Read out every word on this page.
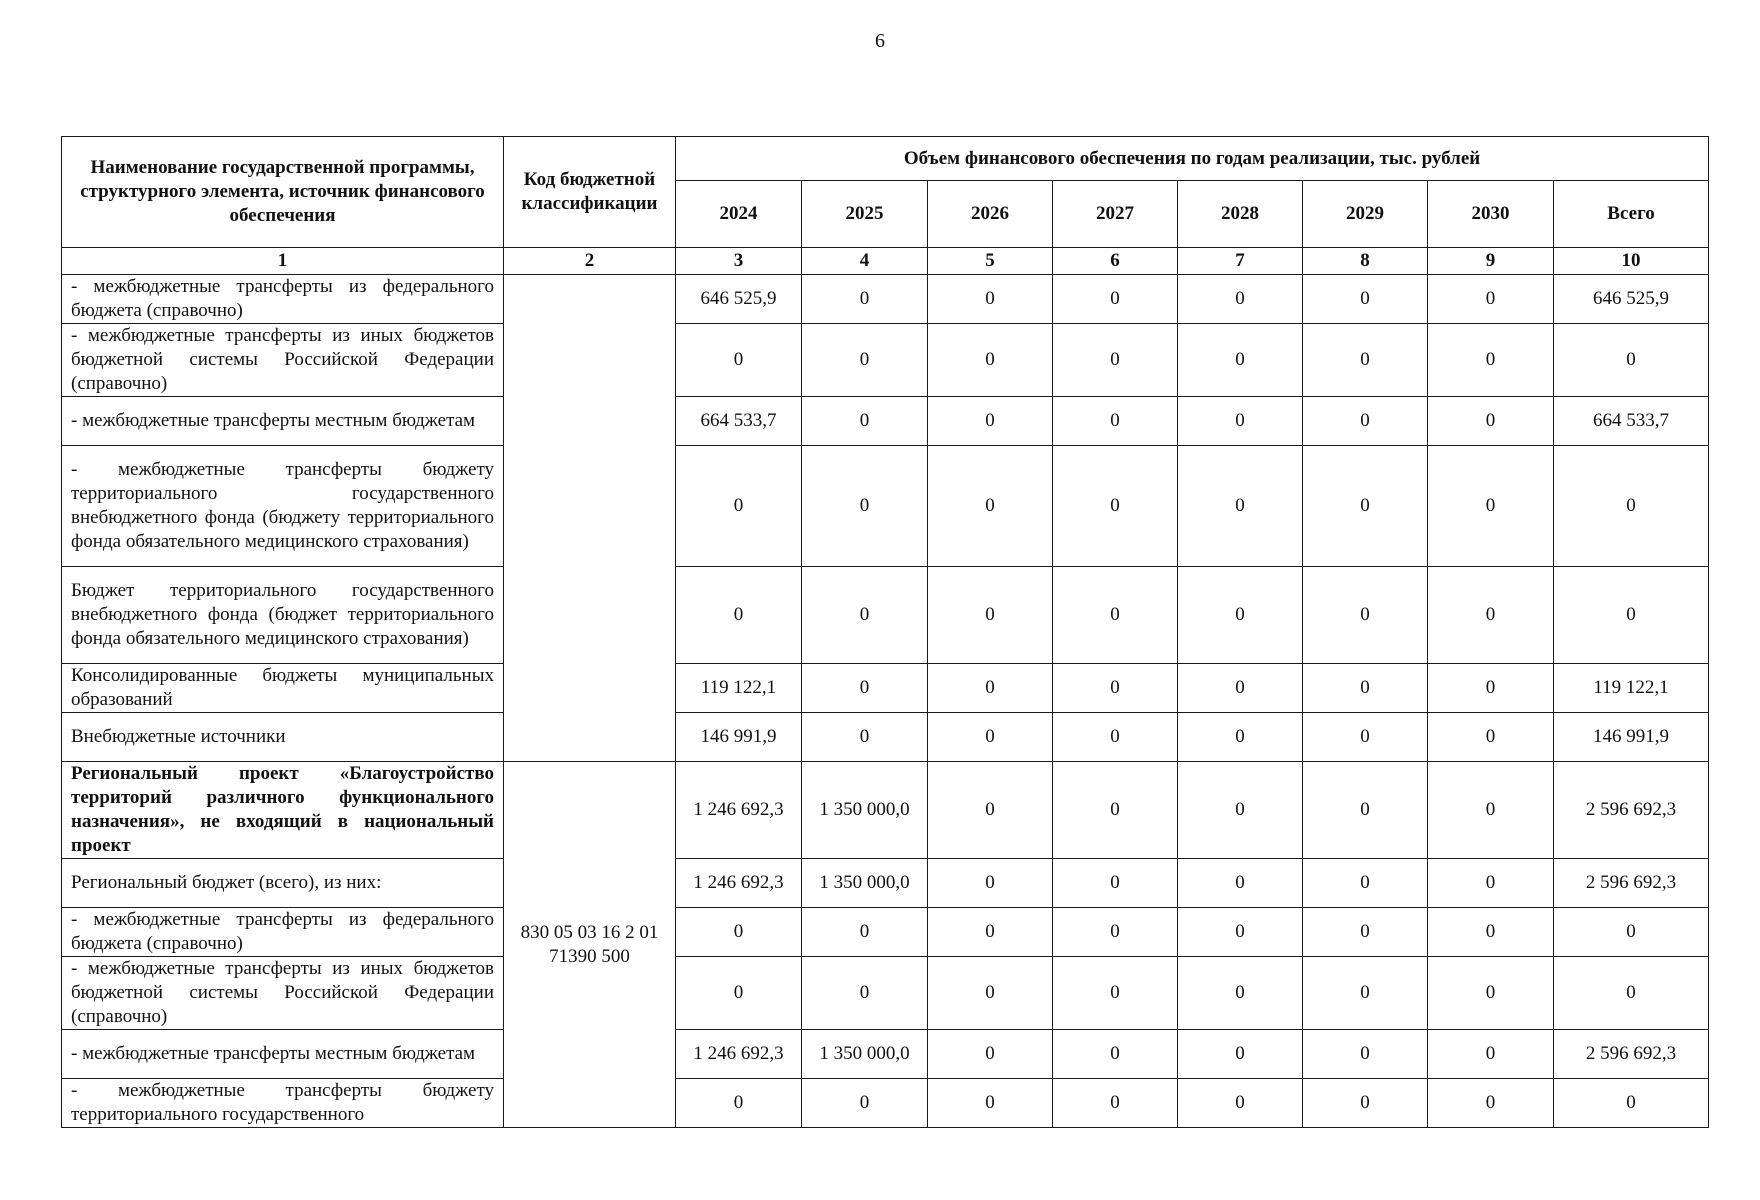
6
Наименование государственной программы, структурного элемента, источник финансового обеспечения	Код бюджетной классификации	Объем финансового обеспечения по годам реализации, тыс. рублей							
		2024	2025	2026	2027	2028	2029	2030	Всего
1	2	3	4	5	6	7	8	9	10
- межбюджетные трансферты из федерального бюджета (справочно)		646 525,9	0	0	0	0	0	0	646 525,9
- межбюджетные трансферты из иных бюджетов бюджетной системы Российской Федерации (справочно)		0	0	0	0	0	0	0	0
- межбюджетные трансферты местным бюджетам		664 533,7	0	0	0	0	0	0	664 533,7
- межбюджетные трансферты бюджету территориального государственного внебюджетного фонда (бюджету территориального фонда обязательного медицинского страхования)		0	0	0	0	0	0	0	0
Бюджет территориального государственного внебюджетного фонда (бюджет территориального фонда обязательного медицинского страхования)		0	0	0	0	0	0	0	0
Консолидированные бюджеты муниципальных образований		119 122,1	0	0	0	0	0	0	119 122,1
Внебюджетные источники		146 991,9	0	0	0	0	0	0	146 991,9
Региональный проект «Благоустройство территорий различного функционального назначения», не входящий в национальный проект	830 05 03 16 2 01 71390 500	1 246 692,3	1 350 000,0	0	0	0	0	0	2 596 692,3
Региональный бюджет (всего), из них:		1 246 692,3	1 350 000,0	0	0	0	0	0	2 596 692,3
- межбюджетные трансферты из федерального бюджета (справочно)		0	0	0	0	0	0	0	0
- межбюджетные трансферты из иных бюджетов бюджетной системы Российской Федерации (справочно)		0	0	0	0	0	0	0	0
- межбюджетные трансферты местным бюджетам		1 246 692,3	1 350 000,0	0	0	0	0	0	2 596 692,3
- межбюджетные трансферты бюджету территориального государственного		0	0	0	0	0	0	0	0
